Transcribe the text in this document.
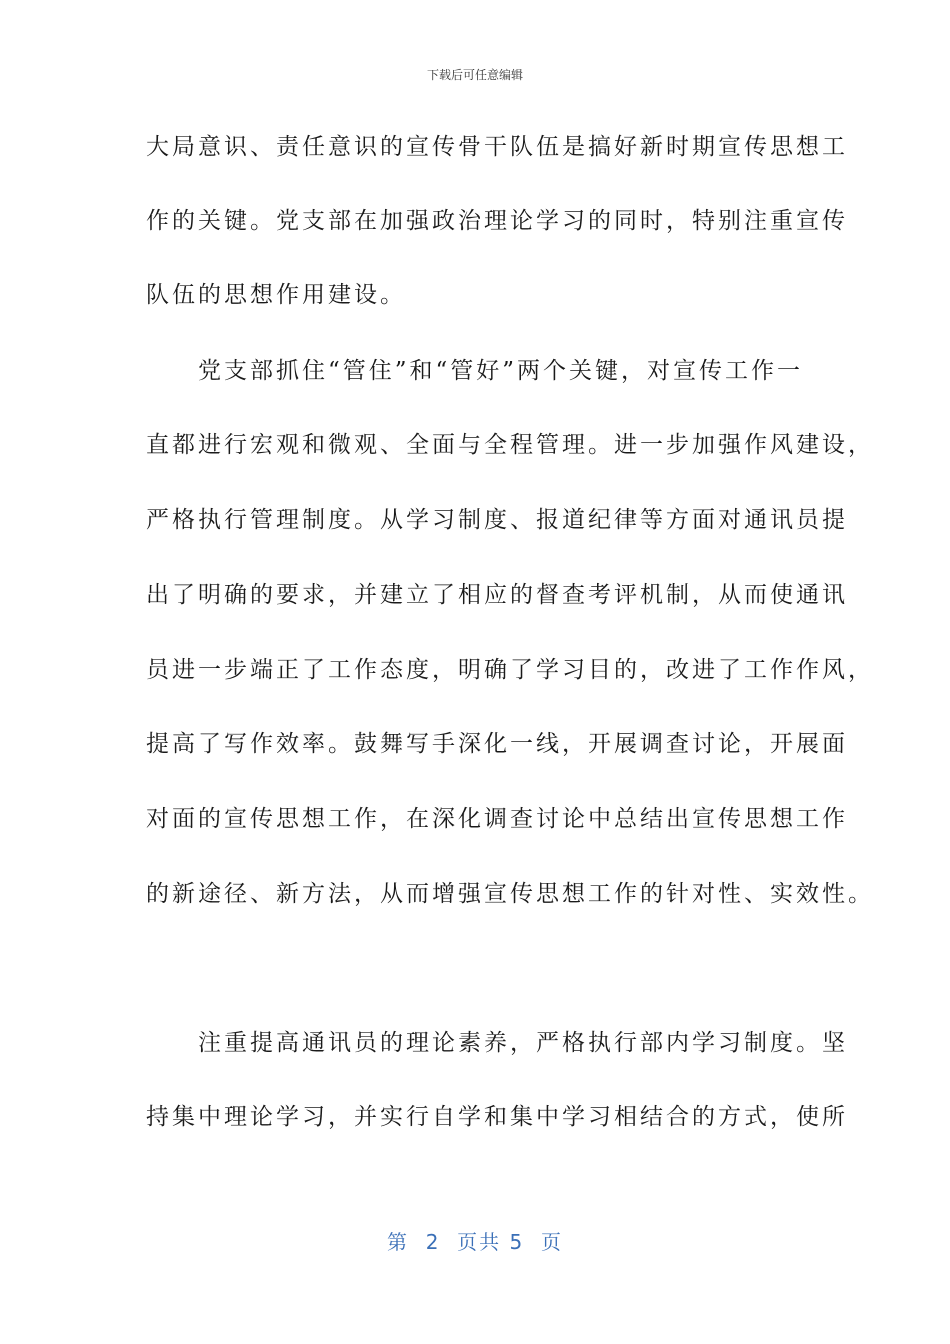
下载后可任意编辑
大局意识、责任意识的宣传骨干队伍是搞好新时期宣传思想工
作的关键。党支部在加强政治理论学习的同时，特别注重宣传
队伍的思想作用建设。
　　党支部抓住“管住”和“管好”两个关键，对宣传工作一
直都进行宏观和微观、全面与全程管理。进一步加强作风建设，
严格执行管理制度。从学习制度、报道纪律等方面对通讯员提
出了明确的要求，并建立了相应的督查考评机制，从而使通讯
员进一步端正了工作态度，明确了学习目的，改进了工作作风，
提高了写作效率。鼓舞写手深化一线，开展调查讨论，开展面
对面的宣传思想工作，在深化调查讨论中总结出宣传思想工作
的新途径、新方法，从而增强宣传思想工作的针对性、实效性。
　　注重提高通讯员的理论素养，严格执行部内学习制度。坚
持集中理论学习，并实行自学和集中学习相结合的方式，使所
第  2  页共 5  页
